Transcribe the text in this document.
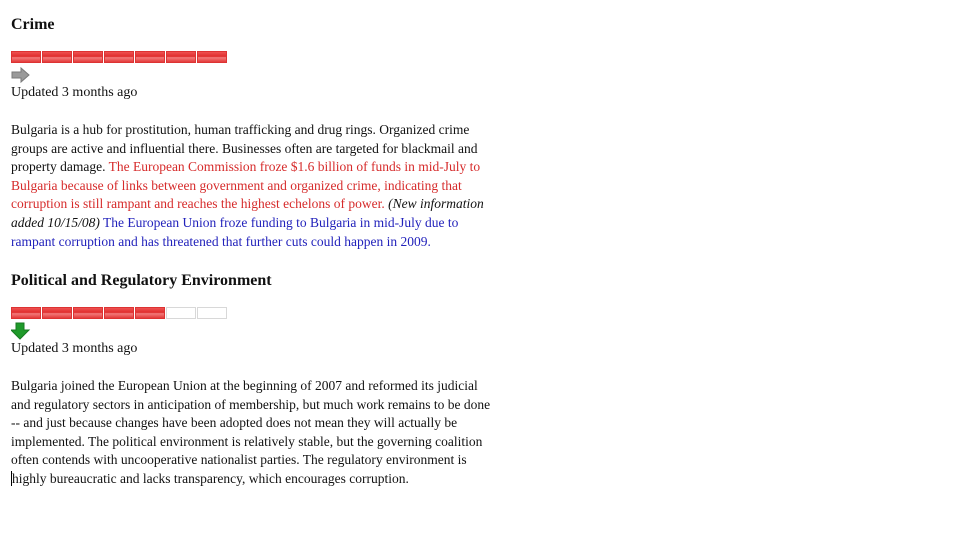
Crime
Updated 3 months ago
Bulgaria is a hub for prostitution, human trafficking and drug rings. Organized crime
groups are active and influential there. Businesses often are targeted for blackmail and
property damage. The European Commission froze $1.6 billion of funds in mid-July to
Bulgaria because of links between government and organized crime, indicating that
corruption is still rampant and reaches the highest echelons of power. (New information
added 10/15/08) The European Union froze funding to Bulgaria in mid-July due to
rampant corruption and has threatened that further cuts could happen in 2009.
Political and Regulatory Environment
Updated 3 months ago
Bulgaria joined the European Union at the beginning of 2007 and reformed its judicial
and regulatory sectors in anticipation of membership, but much work remains to be done
-- and just because changes have been adopted does not mean they will actually be
implemented. The political environment is relatively stable, but the governing coalition
often contends with uncooperative nationalist parties. The regulatory environment is
highly bureaucratic and lacks transparency, which encourages corruption.
